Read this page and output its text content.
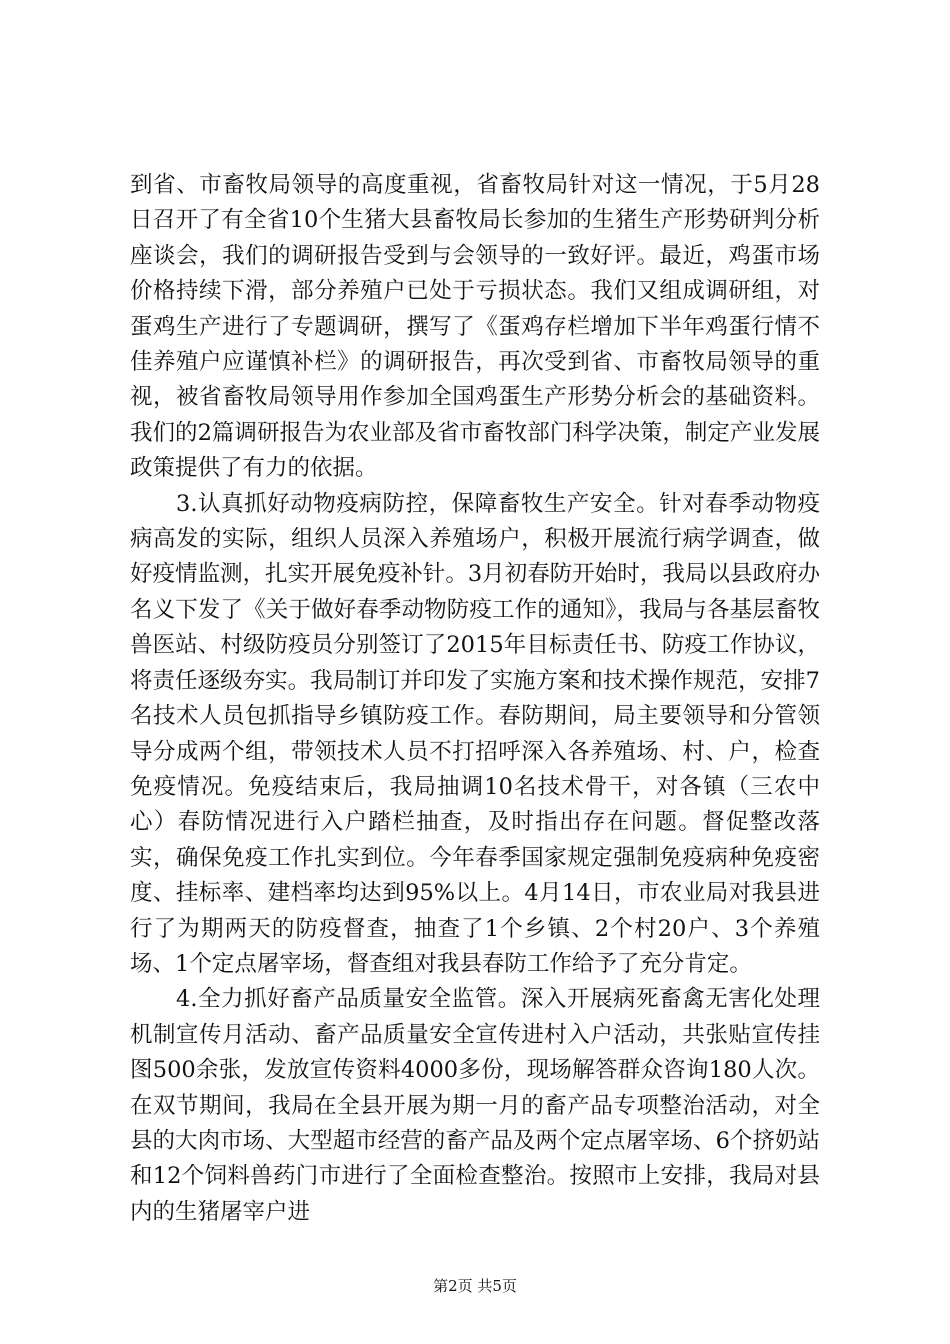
到省、市畜牧局领导的高度重视，省畜牧局针对这一情况，于5月28日召开了有全省10个生猪大县畜牧局长参加的生猪生产形势研判分析座谈会，我们的调研报告受到与会领导的一致好评。最近，鸡蛋市场价格持续下滑，部分养殖户已处于亏损状态。我们又组成调研组，对蛋鸡生产进行了专题调研，撰写了《蛋鸡存栏增加下半年鸡蛋行情不佳养殖户应谨慎补栏》的调研报告，再次受到省、市畜牧局领导的重视，被省畜牧局领导用作参加全国鸡蛋生产形势分析会的基础资料。我们的2篇调研报告为农业部及省市畜牧部门科学决策，制定产业发展政策提供了有力的依据。

3.认真抓好动物疫病防控，保障畜牧生产安全。针对春季动物疫病高发的实际，组织人员深入养殖场户，积极开展流行病学调查，做好疫情监测，扎实开展免疫补针。3月初春防开始时，我局以县政府办名义下发了《关于做好春季动物防疫工作的通知》，我局与各基层畜牧兽医站、村级防疫员分别签订了2015年目标责任书、防疫工作协议，将责任逐级夯实。我局制订并印发了实施方案和技术操作规范，安排7名技术人员包抓指导乡镇防疫工作。春防期间，局主要领导和分管领导分成两个组，带领技术人员不打招呼深入各养殖场、村、户，检查免疫情况。免疫结束后，我局抽调10名技术骨干，对各镇（三农中心）春防情况进行入户踏栏抽查，及时指出存在问题。督促整改落实，确保免疫工作扎实到位。今年春季国家规定强制免疫病种免疫密度、挂标率、建档率均达到95%以上。4月14日，市农业局对我县进行了为期两天的防疫督查，抽查了1个乡镇、2个村20户、3个养殖场、1个定点屠宰场，督查组对我县春防工作给予了充分肯定。

4.全力抓好畜产品质量安全监管。深入开展病死畜禽无害化处理机制宣传月活动、畜产品质量安全宣传进村入户活动，共张贴宣传挂图500余张，发放宣传资料4000多份，现场解答群众咨询180人次。在双节期间，我局在全县开展为期一月的畜产品专项整治活动，对全县的大肉市场、大型超市经营的畜产品及两个定点屠宰场、6个挤奶站和12个饲料兽药门市进行了全面检查整治。按照市上安排，我局对县内的生猪屠宰户进

第2页 共5页
